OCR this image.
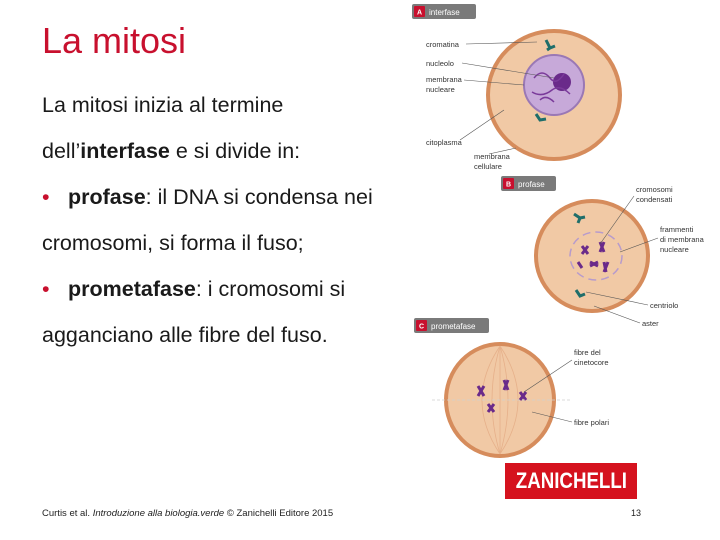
La mitosi

La mitosi inizia al termine dell’interfase e si divide in:

• profase: il DNA si condensa nei cromosomi, si forma il fuso;

• prometafase: i cromosomi si agganciano alle fibre del fuso.

A interfase
cromatina
nucleolo
membrana
nucleare
citoplasma
membrana
cellulare
B profase
cromosomi
condensati
frammenti
di membrana
nucleare
centriolo
aster
C prometafase
fibre del
cinetocore
fibre polari
ZANICHELLI
Curtis et al. Introduzione alla biologia.verde © Zanichelli Editore 2015	13
